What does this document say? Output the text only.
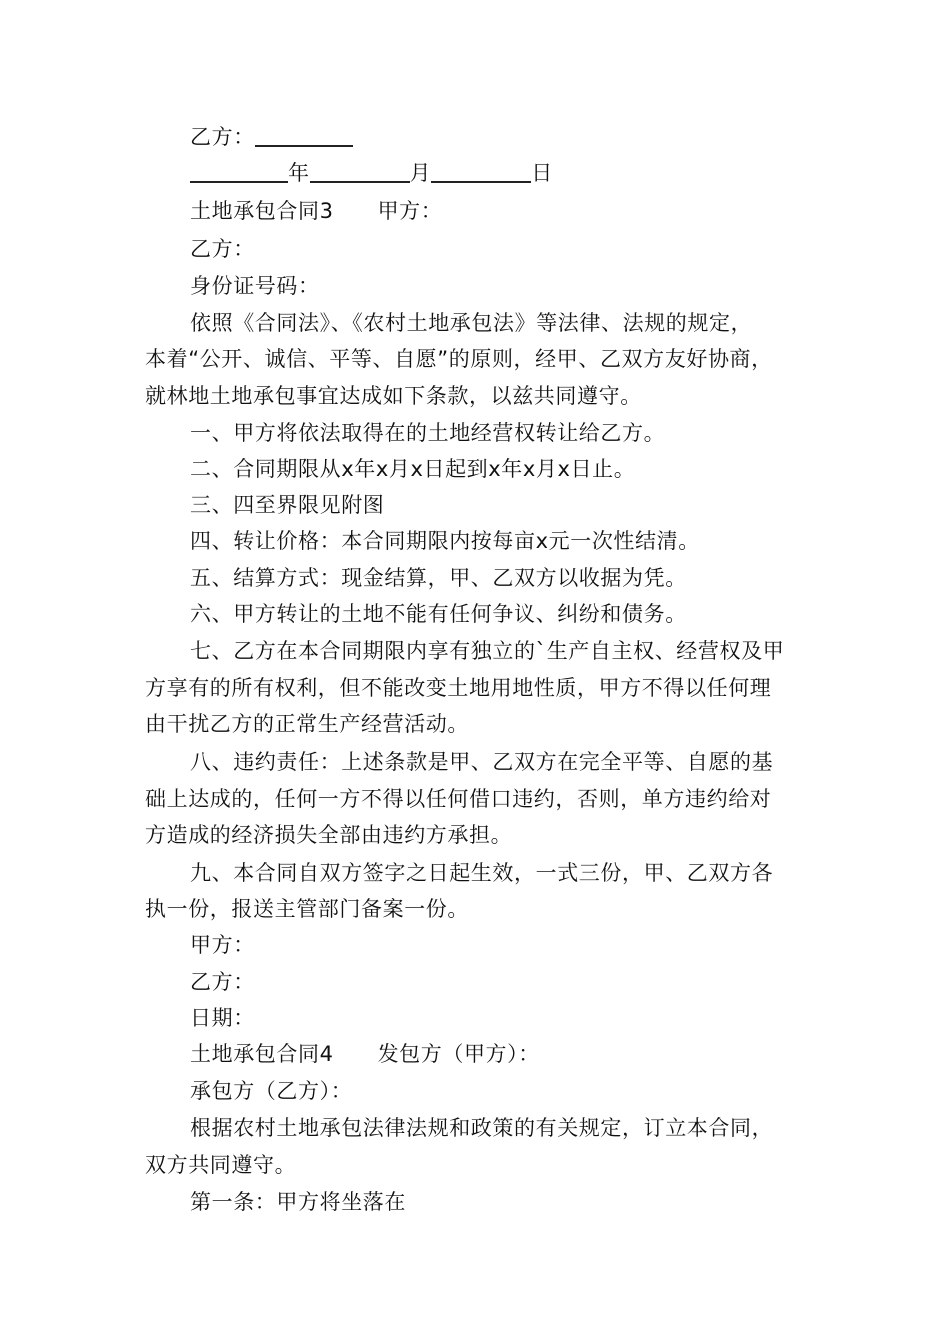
乙方：
年	月	日
土地承包合同3 甲方：
乙方：
身份证号码：
依照《合同法》、《农村土地承包法》等法律、法规的规定，
本着“公开、诚信、平等、自愿”的原则，经甲、乙双方友好协商，
就林地土地承包事宜达成如下条款，以兹共同遵守。
一、甲方将依法取得在的土地经营权转让给乙方。
二、合同期限从x年x月x日起到x年x月x日止。
三、四至界限见附图
四、转让价格：本合同期限内按每亩x元一次性结清。
五、结算方式：现金结算，甲、乙双方以收据为凭。
六、甲方转让的土地不能有任何争议、纠纷和债务。
七、乙方在本合同期限内享有独立的`生产自主权、经营权及甲
方享有的所有权利，但不能改变土地用地性质，甲方不得以任何理
由干扰乙方的正常生产经营活动。
八、违约责任：上述条款是甲、乙双方在完全平等、自愿的基
础上达成的，任何一方不得以任何借口违约，否则，单方违约给对
方造成的经济损失全部由违约方承担。
九、本合同自双方签字之日起生效，一式三份，甲、乙双方各
执一份，报送主管部门备案一份。
甲方：
乙方：
日期：
土地承包合同4 发包方（甲方）：
承包方（乙方）：
根据农村土地承包法律法规和政策的有关规定，订立本合同，
双方共同遵守。
第一条：甲方将坐落在
